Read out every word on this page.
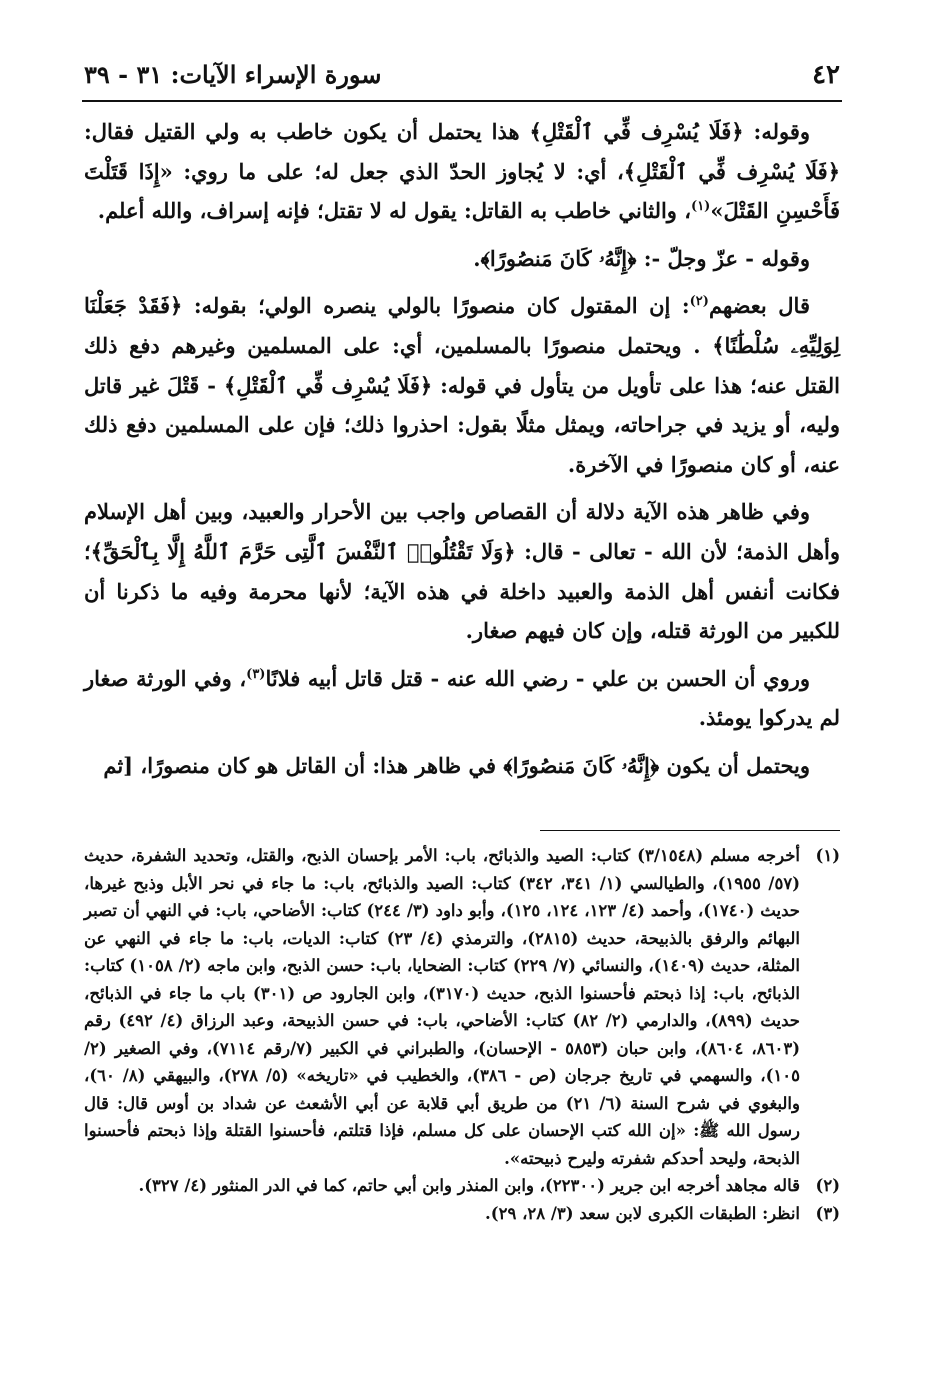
٤٢
سورة الإسراء الآيات: ٣١ - ٣٩

وقوله: ﴿فَلَا يُسْرِف فِّي ٱلْقَتْلِ﴾ هذا يحتمل أن يكون خاطب به ولي القتيل فقال: ﴿فَلَا يُسْرِف فِّي ٱلْقَتْلِ﴾، أي: لا يُجاوز الحدّ الذي جعل له؛ على ما روي: «إِذَا قَتَلْتَ فَأَحْسِنِ القَتْلَ»$^{(١)}$، والثاني خاطب به القاتل: يقول له لا تقتل؛ فإنه إسراف، والله أعلم.

وقوله - عزّ وجلّ -: ﴿إِنَّهُۥ كَانَ مَنصُورًا﴾.

قال بعضهم$^{(٢)}$: إن المقتول كان منصورًا بالولي ينصره الولي؛ بقوله: ﴿فَقَدْ جَعَلْنَا لِوَلِيِّهِۦ سُلْطَٰنًا﴾ . ويحتمل منصورًا بالمسلمين، أي: على المسلمين وغيرهم دفع ذلك القتل عنه؛ هذا على تأويل من يتأول في قوله: ﴿فَلَا يُسْرِف فِّي ٱلْقَتْلِ﴾ - قَتْلَ غير قاتل وليه، أو يزيد في جراحاته، ويمثل مثلًا بقول: احذروا ذلك؛ فإن على المسلمين دفع ذلك عنه، أو كان منصورًا في الآخرة.

وفي ظاهر هذه الآية دلالة أن القصاص واجب بين الأحرار والعبيد، وبين أهل الإسلام وأهل الذمة؛ لأن الله - تعالى - قال: ﴿وَلَا تَقْتُلُوا۟ ٱلنَّفْسَ ٱلَّتِى حَرَّمَ ٱللَّهُ إِلَّا بِٱلْحَقِّ﴾؛ فكانت أنفس أهل الذمة والعبيد داخلة في هذه الآية؛ لأنها محرمة وفيه ما ذكرنا أن للكبير من الورثة قتله، وإن كان فيهم صغار.

وروي أن الحسن بن علي - رضي الله عنه - قتل قاتل أبيه فلانًا$^{(٣)}$، وفي الورثة صغار لم يدركوا يومئذ.

ويحتمل أن يكون ﴿إِنَّهُۥ كَانَ مَنصُورًا﴾ في ظاهر هذا: أن القاتل هو كان منصورًا، [ثم

(١)
أخرجه مسلم (٣/١٥٤٨) كتاب: الصيد والذبائح، باب: الأمر بإحسان الذبح، والقتل، وتحديد الشفرة، حديث (٥٧/ ١٩٥٥)، والطيالسي (١/ ٣٤١، ٣٤٢) كتاب: الصيد والذبائح، باب: ما جاء في نحر الأبل وذبح غيرها، حديث (١٧٤٠)، وأحمد (٤/ ١٢٣، ١٢٤، ١٢٥)، وأبو داود (٣/ ٢٤٤) كتاب: الأضاحي، باب: في النهي أن تصبر البهائم والرفق بالذبيحة، حديث (٢٨١٥)، والترمذي (٤/ ٢٣) كتاب: الديات، باب: ما جاء في النهي عن المثلة، حديث (١٤٠٩)، والنسائي (٧/ ٢٢٩) كتاب: الضحايا، باب: حسن الذبح، وابن ماجه (٢/ ١٠٥٨) كتاب: الذبائح، باب: إذا ذبحتم فأحسنوا الذبح، حديث (٣١٧٠)، وابن الجارود ص (٣٠١) باب ما جاء في الذبائح، حديث (٨٩٩)، والدارمي (٢/ ٨٢) كتاب: الأضاحي، باب: في حسن الذبيحة، وعبد الرزاق (٤/ ٤٩٢) رقم (٨٦٠٣، ٨٦٠٤)، وابن حبان (٥٨٥٣ - الإحسان)، والطبراني في الكبير (٧/رقم ٧١١٤)، وفي الصغير (٢/ ١٠٥)، والسهمي في تاريخ جرجان (ص - ٣٨٦)، والخطيب في «تاريخه» (٥/ ٢٧٨)، والبيهقي (٨/ ٦٠)، والبغوي في شرح السنة (٦/ ٢١) من طريق أبي قلابة عن أبي الأشعث عن شداد بن أوس قال: قال رسول الله ﷺ: «إن الله كتب الإحسان على كل مسلم، فإذا قتلتم، فأحسنوا القتلة وإذا ذبحتم فأحسنوا الذبحة، وليحد أحدكم شفرته وليرح ذبيحته».
(٢)
قاله مجاهد أخرجه ابن جرير (٢٢٣٠٠)، وابن المنذر وابن أبي حاتم، كما في الدر المنثور (٤/ ٣٢٧).
(٣)
انظر: الطبقات الكبرى لابن سعد (٣/ ٢٨، ٢٩).
